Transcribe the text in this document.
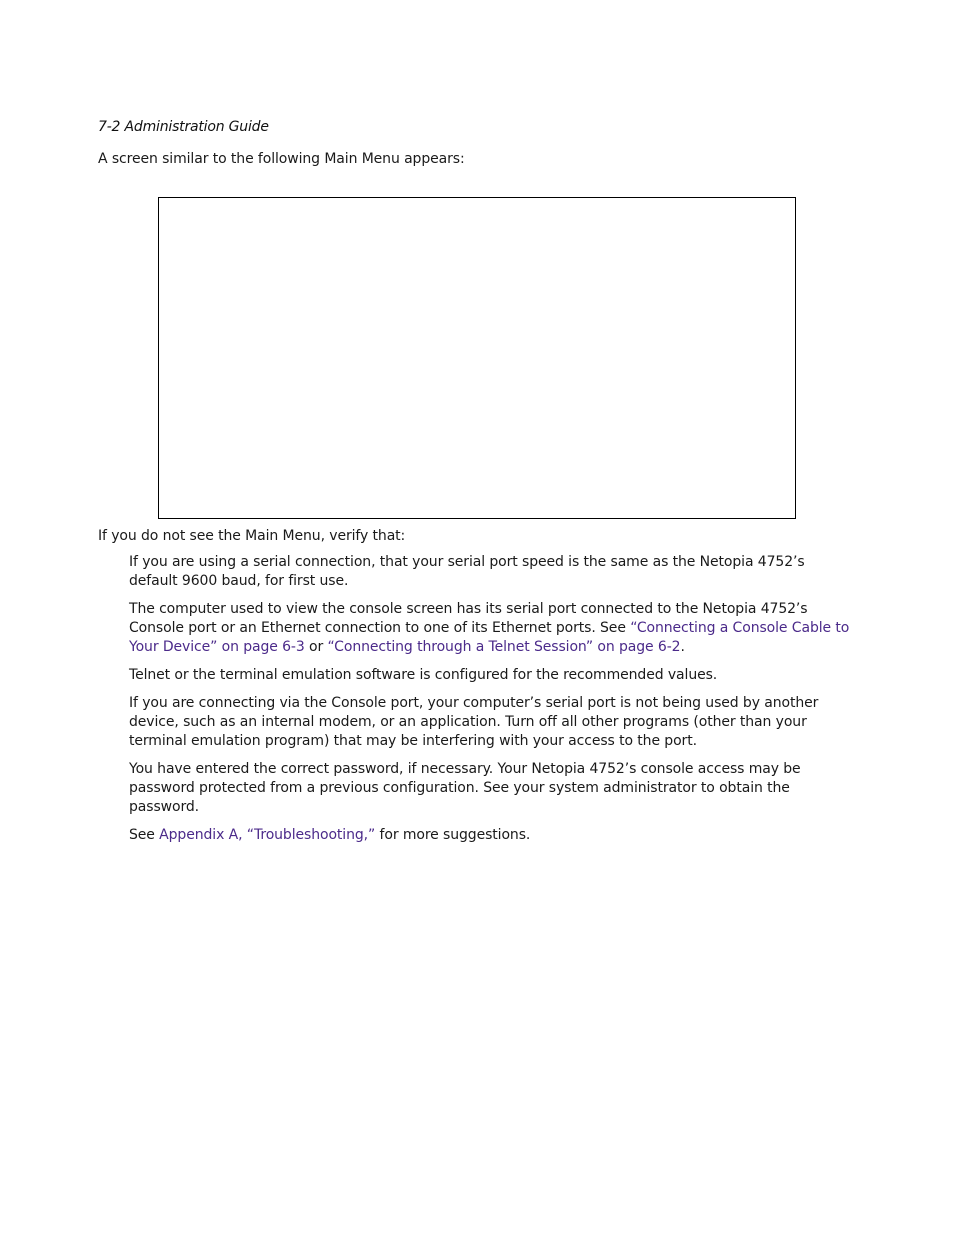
7-2 Administration Guide
A screen similar to the following Main Menu appears:
If you do not see the Main Menu, verify that:
If you are using a serial connection, that your serial port speed is the same as the Netopia 4752’s default 9600 baud, for first use.
The computer used to view the console screen has its serial port connected to the Netopia 4752’s Console port or an Ethernet connection to one of its Ethernet ports. See “Connecting a Console Cable to Your Device” on page 6-3 or “Connecting through a Telnet Session” on page 6-2.
Telnet or the terminal emulation software is configured for the recommended values.
If you are connecting via the Console port, your computer’s serial port is not being used by another device, such as an internal modem, or an application. Turn off all other programs (other than your terminal emulation program) that may be interfering with your access to the port.
You have entered the correct password, if necessary. Your Netopia 4752’s console access may be password protected from a previous configuration. See your system administrator to obtain the password.
See Appendix A, “Troubleshooting,” for more suggestions.
